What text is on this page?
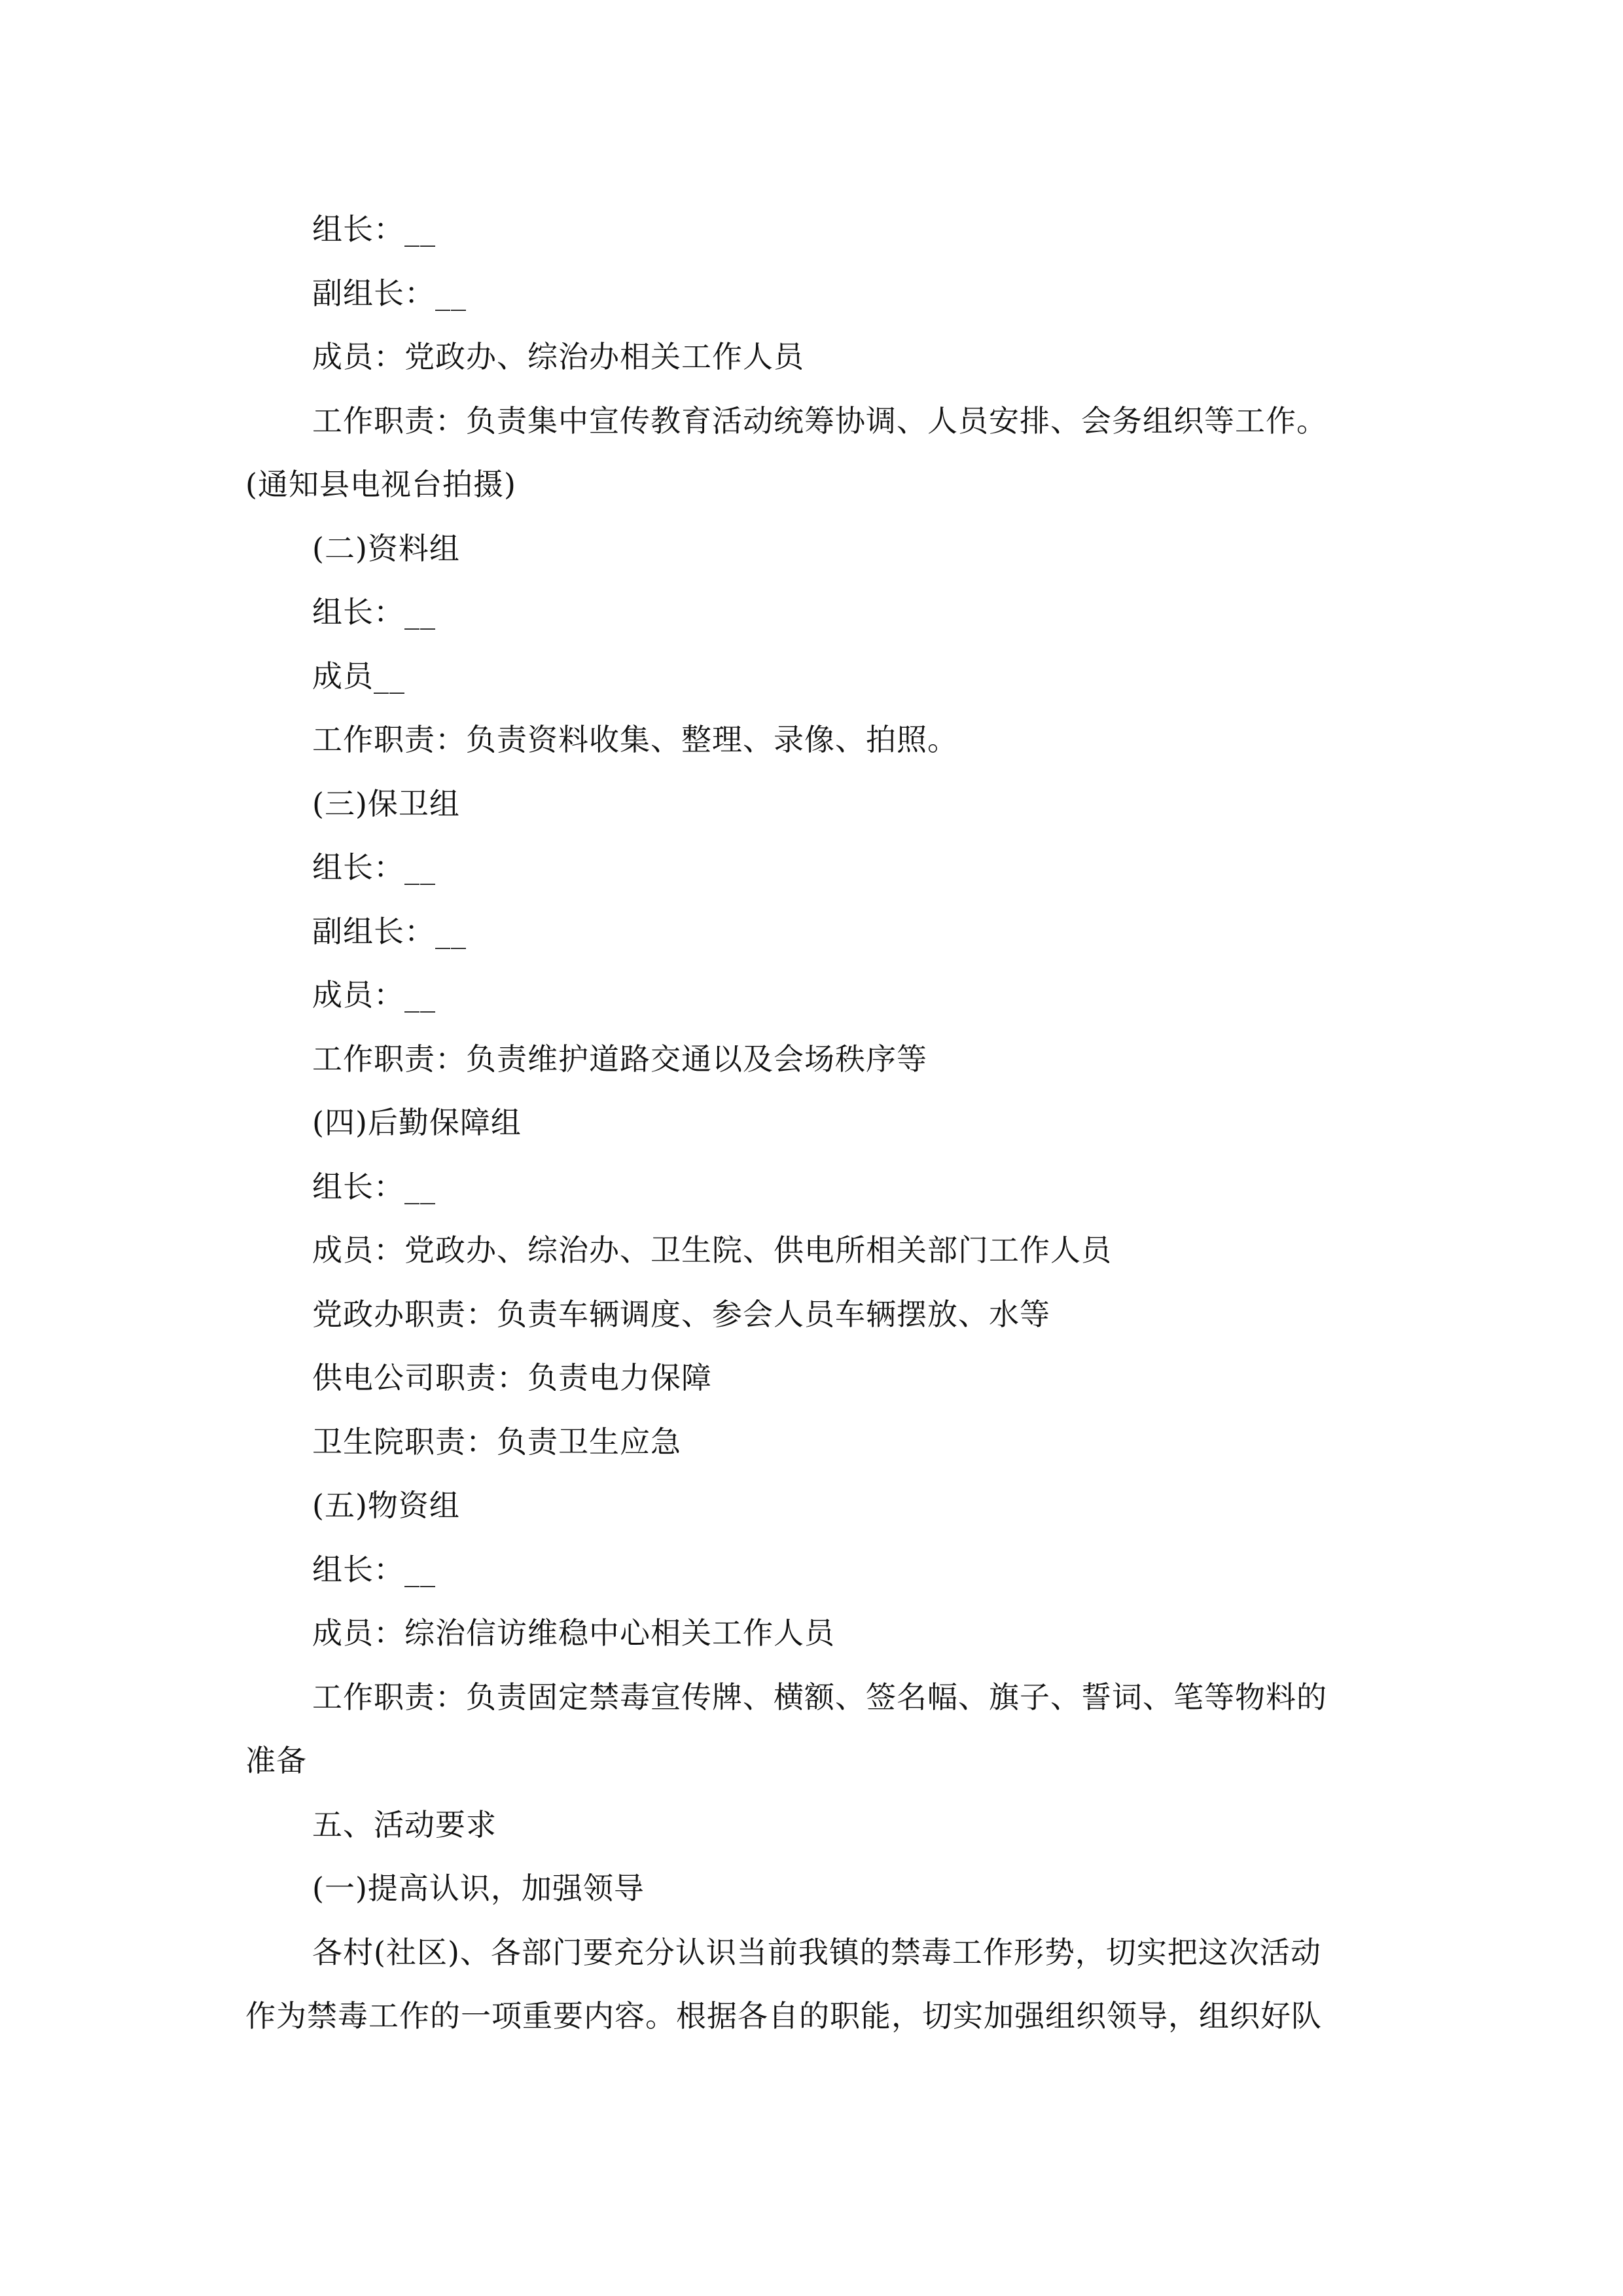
组长：__
副组长：__
成员：党政办、综治办相关工作人员
工作职责：负责集中宣传教育活动统筹协调、人员安排、会务组织等工作。
(通知县电视台拍摄)
(二)资料组
组长：__
成员__
工作职责：负责资料收集、整理、录像、拍照。
(三)保卫组
组长：__
副组长：__
成员：__
工作职责：负责维护道路交通以及会场秩序等
(四)后勤保障组
组长：__
成员：党政办、综治办、卫生院、供电所相关部门工作人员
党政办职责：负责车辆调度、参会人员车辆摆放、水等
供电公司职责：负责电力保障
卫生院职责：负责卫生应急
(五)物资组
组长：__
成员：综治信访维稳中心相关工作人员
工作职责：负责固定禁毒宣传牌、横额、签名幅、旗子、誓词、笔等物料的
准备
五、活动要求
(一)提高认识，加强领导
各村(社区)、各部门要充分认识当前我镇的禁毒工作形势，切实把这次活动
作为禁毒工作的一项重要内容。根据各自的职能，切实加强组织领导，组织好队
